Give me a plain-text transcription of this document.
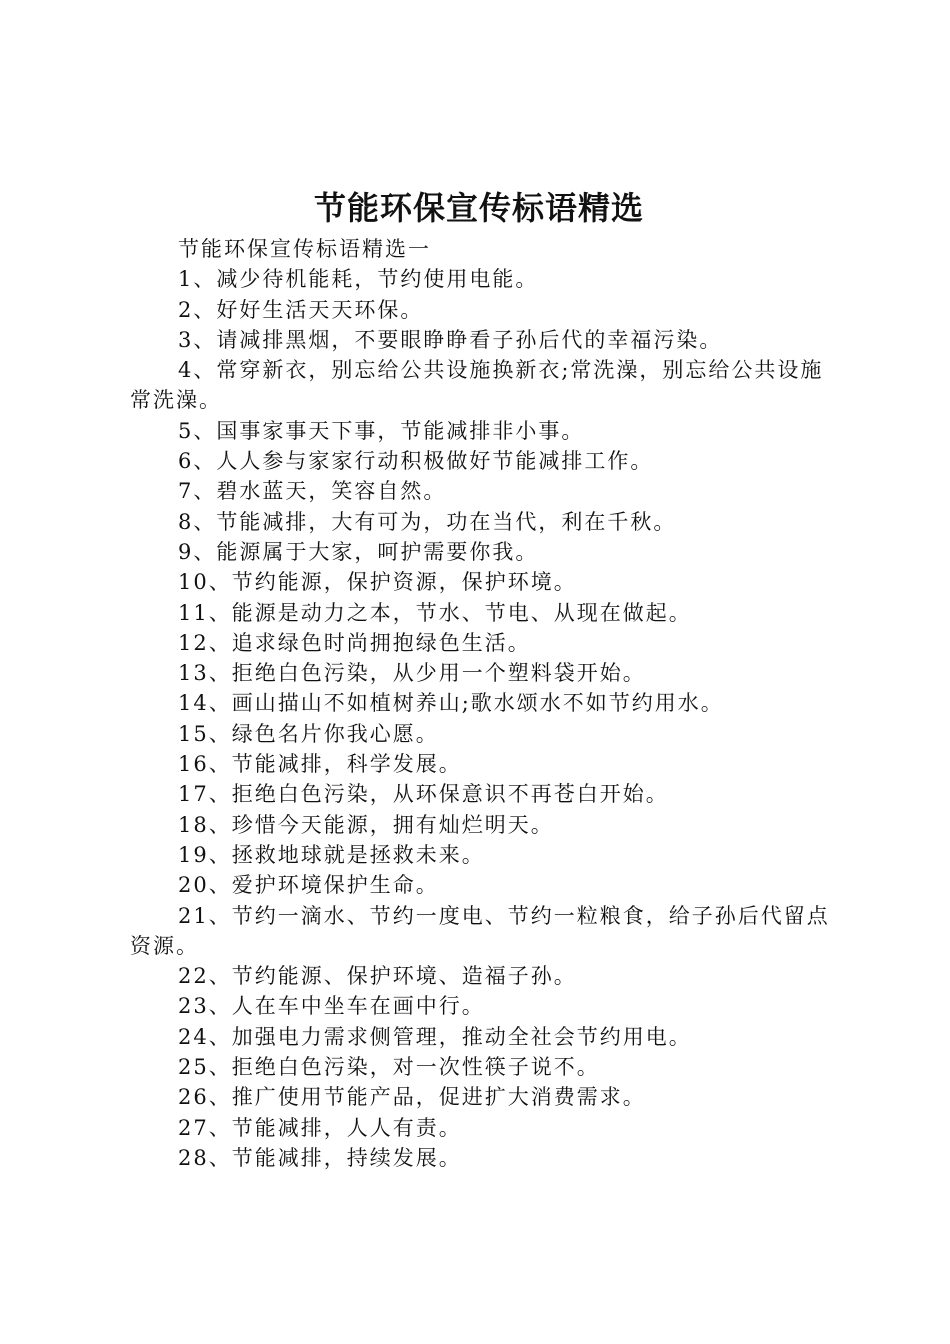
节能环保宣传标语精选

节能环保宣传标语精选一

1、减少待机能耗，节约使用电能。

2、好好生活天天环保。

3、请减排黑烟，不要眼睁睁看子孙后代的幸福污染。

4、常穿新衣，别忘给公共设施换新衣;常洗澡，别忘给公共设施常洗澡。

5、国事家事天下事，节能减排非小事。

6、人人参与家家行动积极做好节能减排工作。

7、碧水蓝天，笑容自然。

8、节能减排，大有可为，功在当代，利在千秋。

9、能源属于大家，呵护需要你我。

10、节约能源，保护资源，保护环境。

11、能源是动力之本，节水、节电、从现在做起。

12、追求绿色时尚拥抱绿色生活。

13、拒绝白色污染，从少用一个塑料袋开始。

14、画山描山不如植树养山;歌水颂水不如节约用水。

15、绿色名片你我心愿。

16、节能减排，科学发展。

17、拒绝白色污染，从环保意识不再苍白开始。

18、珍惜今天能源，拥有灿烂明天。

19、拯救地球就是拯救未来。

20、爱护环境保护生命。

21、节约一滴水、节约一度电、节约一粒粮食，给子孙后代留点资源。

22、节约能源、保护环境、造福子孙。

23、人在车中坐车在画中行。

24、加强电力需求侧管理，推动全社会节约用电。

25、拒绝白色污染，对一次性筷子说不。

26、推广使用节能产品，促进扩大消费需求。

27、节能减排，人人有责。

28、节能减排，持续发展。
